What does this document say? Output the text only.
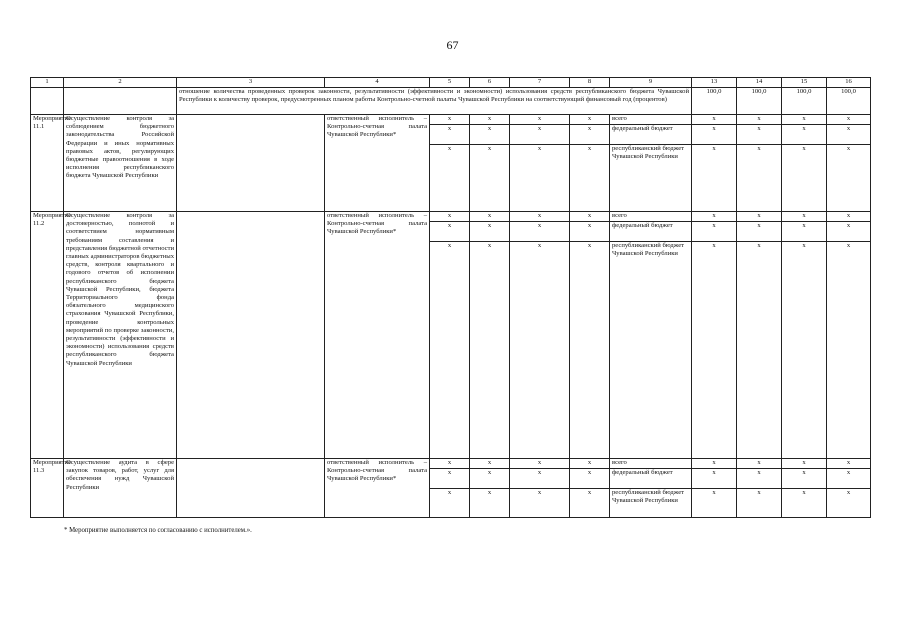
67
1	2	3	4	5	6	7	8	9	13	14	15	16
		отношение количества проведенных проверок законности, результативности (эффективности и экономности) использования средств республиканского бюджета Чувашской Республики к количеству проверок, предусмотренных планом работы Контрольно-счетной палаты Чувашской Республики на соответствующий финансовый год (процентов)							100,0	100,0	100,0	100,0
Мероприятие 11.1	Осуществление контроля за соблюдением бюджетного законодательства Российской Федерации и иных нормативных правовых актов, регулирующих бюджетные правоотношения в ходе исполнения республиканского бюджета Чувашской Республики		ответственный исполнитель – Контрольно-счетная палата Чувашской Республики*	x	x	x	x	всего	x	x	x	x
				x	x	x	x	федеральный бюджет	x	x	x	x
				x	x	x	x	республиканский бюджет Чувашской Республики	x	x	x	x
Мероприятие 11.2	Осуществление контроля за достоверностью, полнотой и соответствием нормативным требованиям составления и представления бюджетной отчетности главных администраторов бюджетных средств, контроля квартального и годового отчетов об исполнении республиканского бюджета Чувашской Республики, бюджета Территориального фонда обязательного медицинского страхования Чувашской Республики, проведение контрольных мероприятий по проверке законности, результативности (эффективности и экономности) использования средств республиканского бюджета Чувашской Республики		ответственный исполнитель – Контрольно-счетная палата Чувашской Республики*	x	x	x	x	всего	x	x	x	x
				x	x	x	x	федеральный бюджет	x	x	x	x
				x	x	x	x	республиканский бюджет Чувашской Республики	x	x	x	x
Мероприятие 11.3	Осуществление аудита в сфере закупок товаров, работ, услуг для обеспечения нужд Чувашской Республики		ответственный исполнитель – Контрольно-счетная палата Чувашской Республики*	x	x	x	x	всего	x	x	x	x
				x	x	x	x	федеральный бюджет	x	x	x	x
				x	x	x	x	республиканский бюджет Чувашской Республики	x	x	x	x
* Мероприятие выполняется по согласованию с исполнителем.».
